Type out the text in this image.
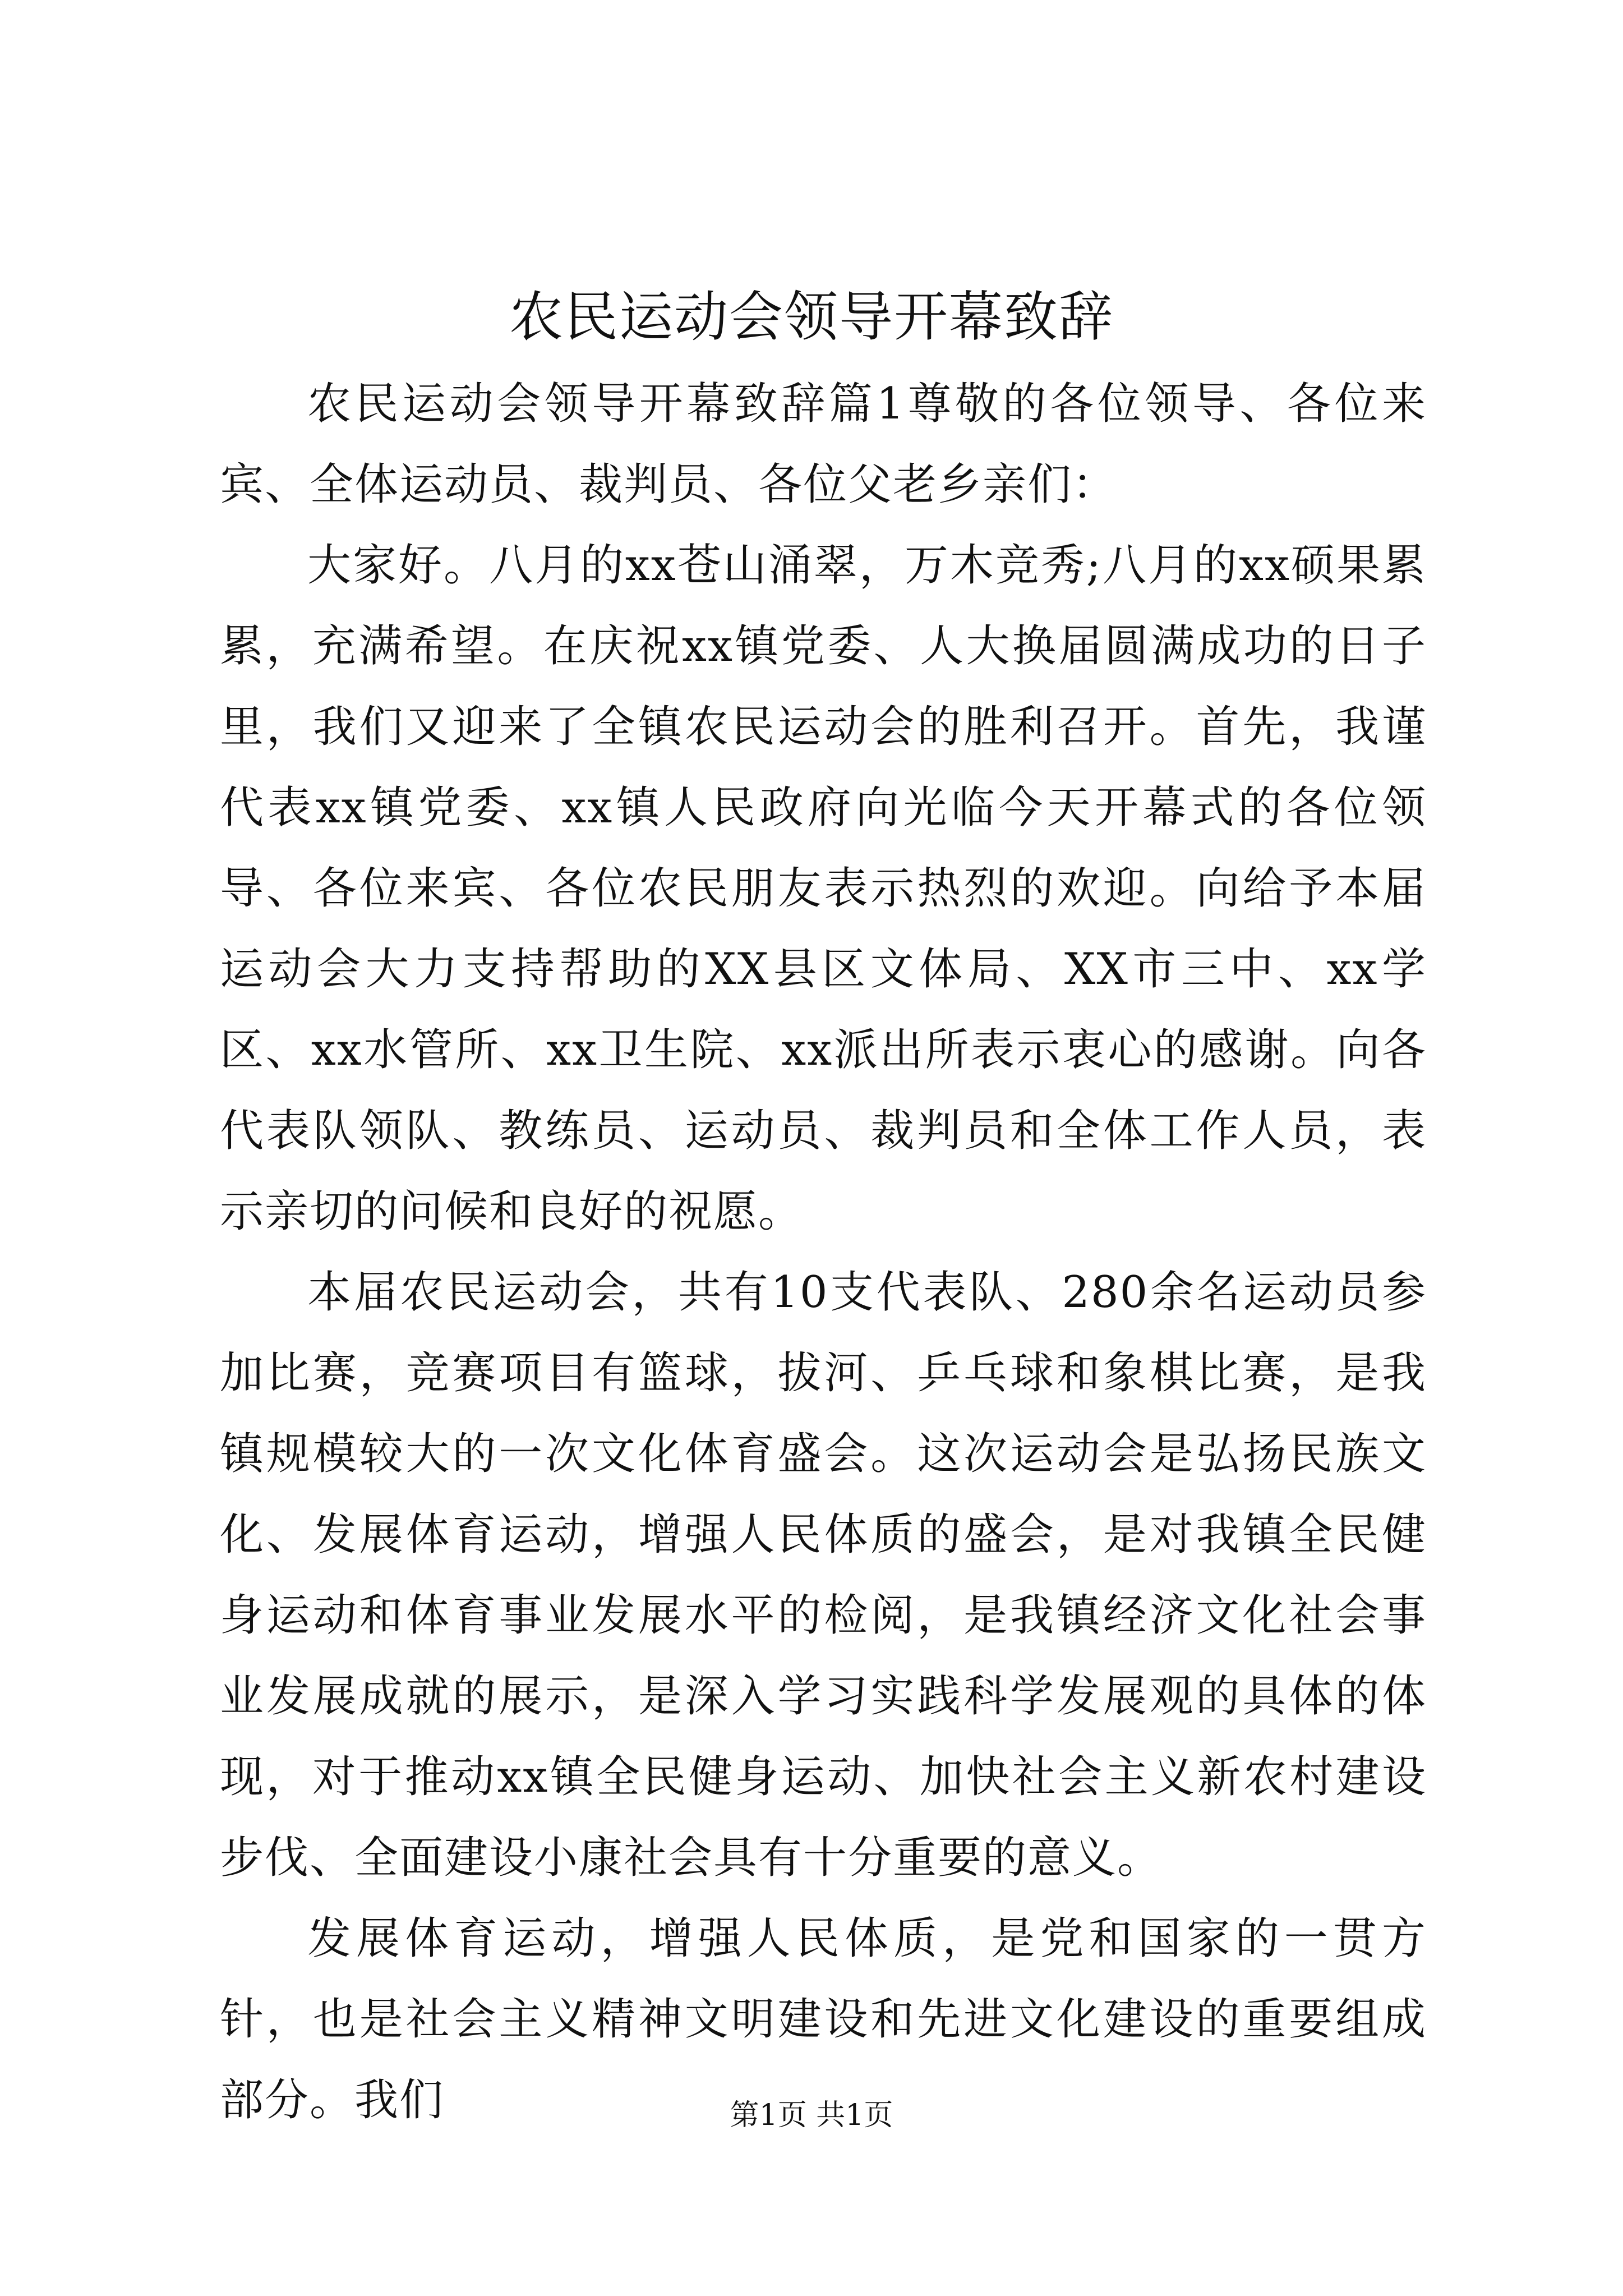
农民运动会领导开幕致辞

农民运动会领导开幕致辞篇1尊敬的各位领导、各位来宾、全体运动员、裁判员、各位父老乡亲们：

大家好。八月的xx苍山涌翠，万木竞秀;八月的xx硕果累累，充满希望。在庆祝xx镇党委、人大换届圆满成功的日子里，我们又迎来了全镇农民运动会的胜利召开。首先，我谨代表xx镇党委、xx镇人民政府向光临今天开幕式的各位领导、各位来宾、各位农民朋友表示热烈的欢迎。向给予本届运动会大力支持帮助的XX县区文体局、XX市三中、xx学区、xx水管所、xx卫生院、xx派出所表示衷心的感谢。向各代表队领队、教练员、运动员、裁判员和全体工作人员，表示亲切的问候和良好的祝愿。

本届农民运动会，共有10支代表队、280余名运动员参加比赛，竞赛项目有篮球，拔河、乒乓球和象棋比赛，是我镇规模较大的一次文化体育盛会。这次运动会是弘扬民族文化、发展体育运动，增强人民体质的盛会，是对我镇全民健身运动和体育事业发展水平的检阅，是我镇经济文化社会事业发展成就的展示，是深入学习实践科学发展观的具体的体现，对于推动xx镇全民健身运动、加快社会主义新农村建设步伐、全面建设小康社会具有十分重要的意义。

发展体育运动，增强人民体质，是党和国家的一贯方针，也是社会主义精神文明建设和先进文化建设的重要组成部分。我们	第1页 共1页
